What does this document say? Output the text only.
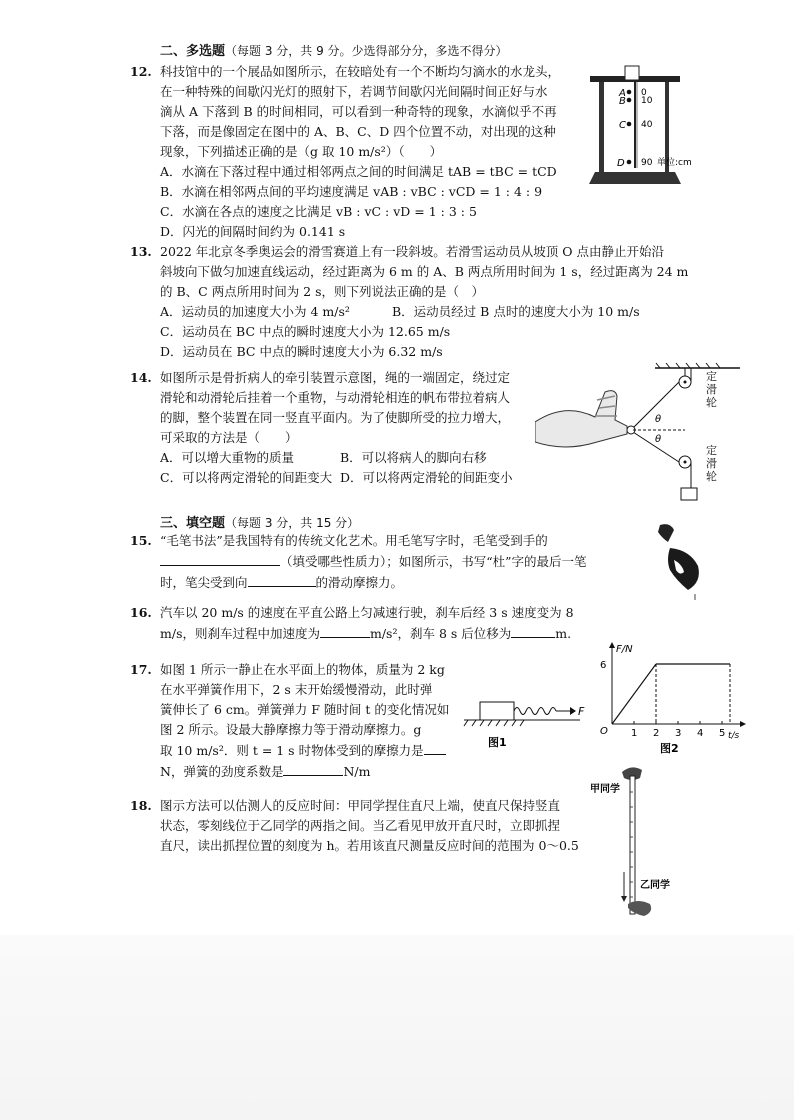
二、多选题（每题 3 分，共 9 分。少选得部分分，多选不得分）
12. 科技馆中的一个展品如图所示，在较暗处有一个不断均匀滴水的水龙头，
在一种特殊的间歇闪光灯的照射下，若调节间歇闪光间隔时间正好与水
滴从 A 下落到 B 的时间相同，可以看到一种奇特的现象，水滴似乎不再
下落，而是像固定在图中的 A、B、C、D 四个位置不动，对出现的这种
现象，下列描述正确的是（g 取 10 m/s²）（　　）
A．水滴在下落过程中通过相邻两点之间的时间满足 tAB = tBC = tCD
B．水滴在相邻两点间的平均速度满足 vAB : vBC : vCD = 1 : 4 : 9
C．水滴在各点的速度之比满足 vB : vC : vD = 1 : 3 : 5
D．闪光的间隔时间约为 0.141 s
A
B
C
D
0
10
40
90 单位:cm
13. 2022 年北京冬季奥运会的滑雪赛道上有一段斜坡。若滑雪运动员从坡顶 O 点由静止开始沿
斜坡向下做匀加速直线运动，经过距离为 6 m 的 A、B 两点所用时间为 1 s，经过距离为 24 m
的 B、C 两点所用时间为 2 s，则下列说法正确的是（　）
A．运动员的加速度大小为 4 m/s²	B．运动员经过 B 点时的速度大小为 10 m/s
C．运动员在 BC 中点的瞬时速度大小为 12.65 m/s
D．运动员在 BC 中点的瞬时速度大小为 6.32 m/s
14. 如图所示是骨折病人的牵引装置示意图，绳的一端固定，绕过定
滑轮和动滑轮后挂着一个重物，与动滑轮相连的帆布带拉着病人
的脚，整个装置在同一竖直平面内。为了使脚所受的拉力增大，
可采取的方法是（　　）
A．可以增大重物的质量	B．可以将病人的脚向右移
C．可以将两定滑轮的间距变大 D．可以将两定滑轮的间距变小
θ
θ
定滑轮
定滑轮
三、填空题（每题 3 分，共 15 分）
15. “毛笔书法”是我国特有的传统文化艺术。用毛笔写字时，毛笔受到手的
（填受哪些性质力）；如图所示，书写“杜”字的最后一笔
时，笔尖受到向	的滑动摩擦力。
16. 汽车以 20 m/s 的速度在平直公路上匀减速行驶，刹车后经 3 s 速度变为 8
m/s，则刹车过程中加速度为	m/s²，刹车 8 s 后位移为	m.
17. 如图 1 所示一静止在水平面上的物体，质量为 2 kg
在水平弹簧作用下，2 s 末开始缓慢滑动，此时弹
簧伸长了 6 cm。弹簧弹力 F 随时间 t 的变化情况如
图 2 所示。设最大静摩擦力等于滑动摩擦力。g
取 10 m/s²．则 t = 1 s 时物体受到的摩擦力是
N，弹簧的劲度系数是	N/m
F
图1
F/N
6
O 1 2 3 4 5 t/s
图2
18. 图示方法可以估测人的反应时间：甲同学捏住直尺上端，使直尺保持竖直
状态，零刻线位于乙同学的两指之间。当乙看见甲放开直尺时，立即抓捏
直尺，读出抓捏位置的刻度为 h。若用该直尺测量反应时间的范围为 0～0.5
甲同学
乙同学
